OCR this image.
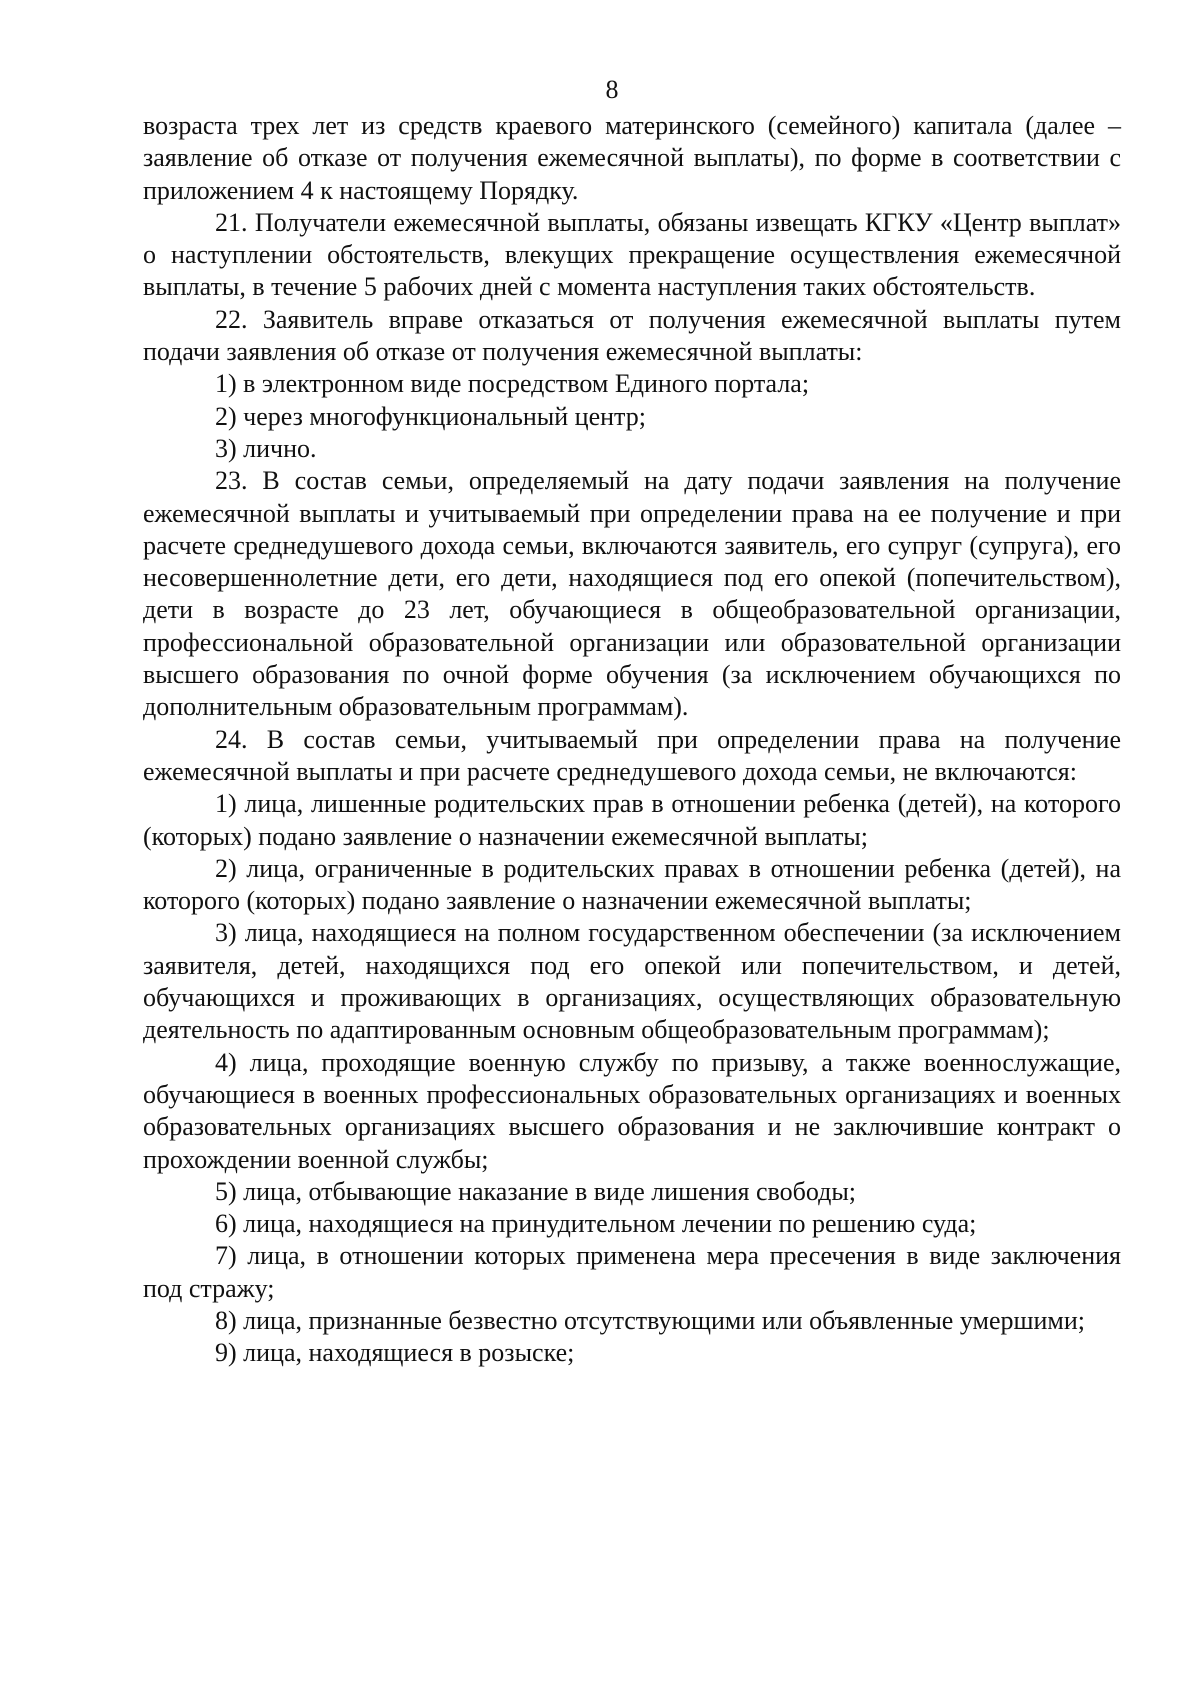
8

возраста трех лет из средств краевого материнского (семейного) капитала (далее – заявление об отказе от получения ежемесячной выплаты), по форме в соответствии с приложением 4 к настоящему Порядку.

21. Получатели ежемесячной выплаты, обязаны извещать КГКУ «Центр выплат» о наступлении обстоятельств, влекущих прекращение осуществления ежемесячной выплаты, в течение 5 рабочих дней с момента наступления таких обстоятельств.

22. Заявитель вправе отказаться от получения ежемесячной выплаты путем подачи заявления об отказе от получения ежемесячной выплаты:

1) в электронном виде посредством Единого портала;

2) через многофункциональный центр;

3) лично.

23. В состав семьи, определяемый на дату подачи заявления на получение ежемесячной выплаты и учитываемый при определении права на ее получение и при расчете среднедушевого дохода семьи, включаются заявитель, его супруг (супруга), его несовершеннолетние дети, его дети, находящиеся под его опекой (попечительством), дети в возрасте до 23 лет, обучающиеся в общеобразовательной организации, профессиональной образовательной организации или образовательной организации высшего образования по очной форме обучения (за исключением обучающихся по дополнительным образовательным программам).

24. В состав семьи, учитываемый при определении права на получение ежемесячной выплаты и при расчете среднедушевого дохода семьи, не включаются:

1) лица, лишенные родительских прав в отношении ребенка (детей), на которого (которых) подано заявление о назначении ежемесячной выплаты;

2) лица, ограниченные в родительских правах в отношении ребенка (детей), на которого (которых) подано заявление о назначении ежемесячной выплаты;

3) лица, находящиеся на полном государственном обеспечении (за исключением заявителя, детей, находящихся под его опекой или попечительством, и детей, обучающихся и проживающих в организациях, осуществляющих образовательную деятельность по адаптированным основным общеобразовательным программам);

4) лица, проходящие военную службу по призыву, а также военнослужащие, обучающиеся в военных профессиональных образовательных организациях и военных образовательных организациях высшего образования и не заключившие контракт о прохождении военной службы;

5) лица, отбывающие наказание в виде лишения свободы;

6) лица, находящиеся на принудительном лечении по решению суда;

7) лица, в отношении которых применена мера пресечения в виде заключения под стражу;

8) лица, признанные безвестно отсутствующими или объявленные умершими;

9) лица, находящиеся в розыске;
